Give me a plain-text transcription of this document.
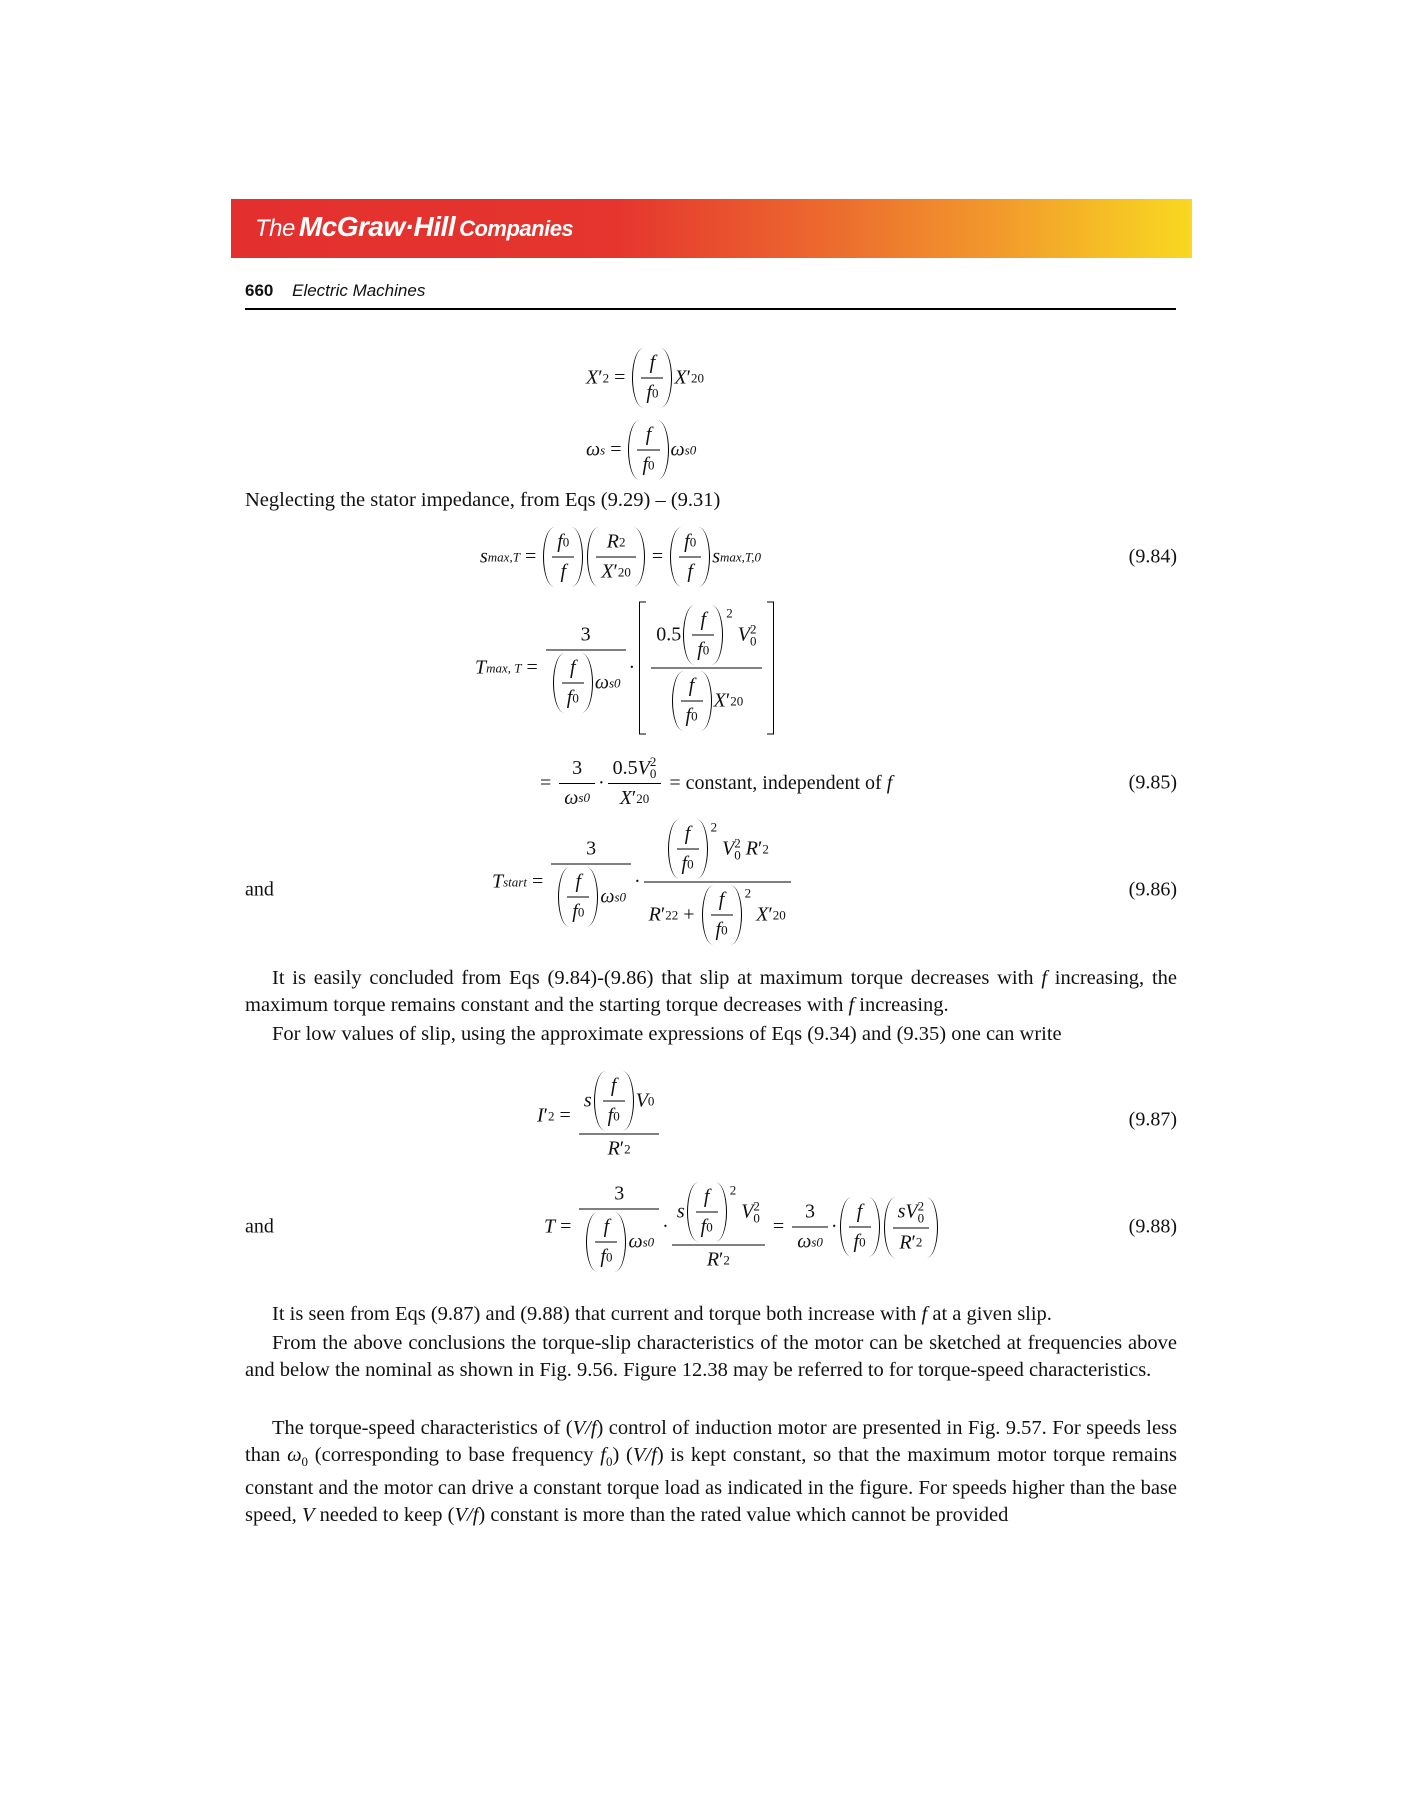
The McGraw·Hill Companies
660 Electric Machines
X ′ $2 = \frac{f}{f 0}$ X ′ 20
ω $s = \frac{f}{f 0}$ ω s0
Neglecting the stator impedance, from Eqs (9.29) – (9.31)
s $\max,T = \frac{f 0}{f} \frac{R 2}{X ' 20} = \frac{f 0}{f}$ s max,T,0	(9.84)
T max, $T = \frac{3}{\frac{f}{f 0} \omega s0} \cdot 0.5 \frac{f}{f 0} 2$

V 2
0
$\frac{f}{f 0}$ X ′ 20
= $\frac{3}{\text{ω s0}} \cdot 0.5$ V 2
0
X ′ 20 = constant, independent of
f	(9.85)
and	T start = $\frac{3}{\frac{f}{f 0} \omega s0} \cdot \frac{f}{f 0} 2$

V 2
0
R ′ 2
R ′ 2 $2 + \frac{f}{f 0} 2$

X ′ 20	(9.86)
It is easily concluded from Eqs (9.84)-(9.86) that slip at maximum torque decreases with f increasing, the maximum torque remains constant and the starting torque decreases with f increasing.
For low values of slip, using the approximate expressions of Eqs (9.34) and (9.35) one can write
I ′ $2 = \frac{s \frac{f}{f 0} V 0}{R ' 2}$	(9.87)
and	$T = \frac{3}{\frac{f}{f 0} \omega s0} \cdot s \frac{f}{f 0} 2$

V 2
0
R ′ $2 = \frac{3}{\text{ω s0}} \cdot \frac{f}{f 0}$ s V 2
0
R ′ 2	(9.88)
It is seen from Eqs (9.87) and (9.88) that current and torque both increase with f at a given slip.
From the above conclusions the torque-slip characteristics of the motor can be sketched at frequencies above and below the nominal as shown in Fig. 9.56. Figure 12.38 may be referred to for torque-speed characteristics.
The torque-speed characteristics of (V/f) control of induction motor are presented in Fig. 9.57. For speeds less than $\omega_0$ (corresponding to base frequency $f_0$) (V/f) is kept constant, so that the maximum motor torque remains constant and the motor can drive a constant torque load as indicated in the figure. For speeds higher than the base speed, V needed to keep (V/f) constant is more than the rated value which cannot be provided
